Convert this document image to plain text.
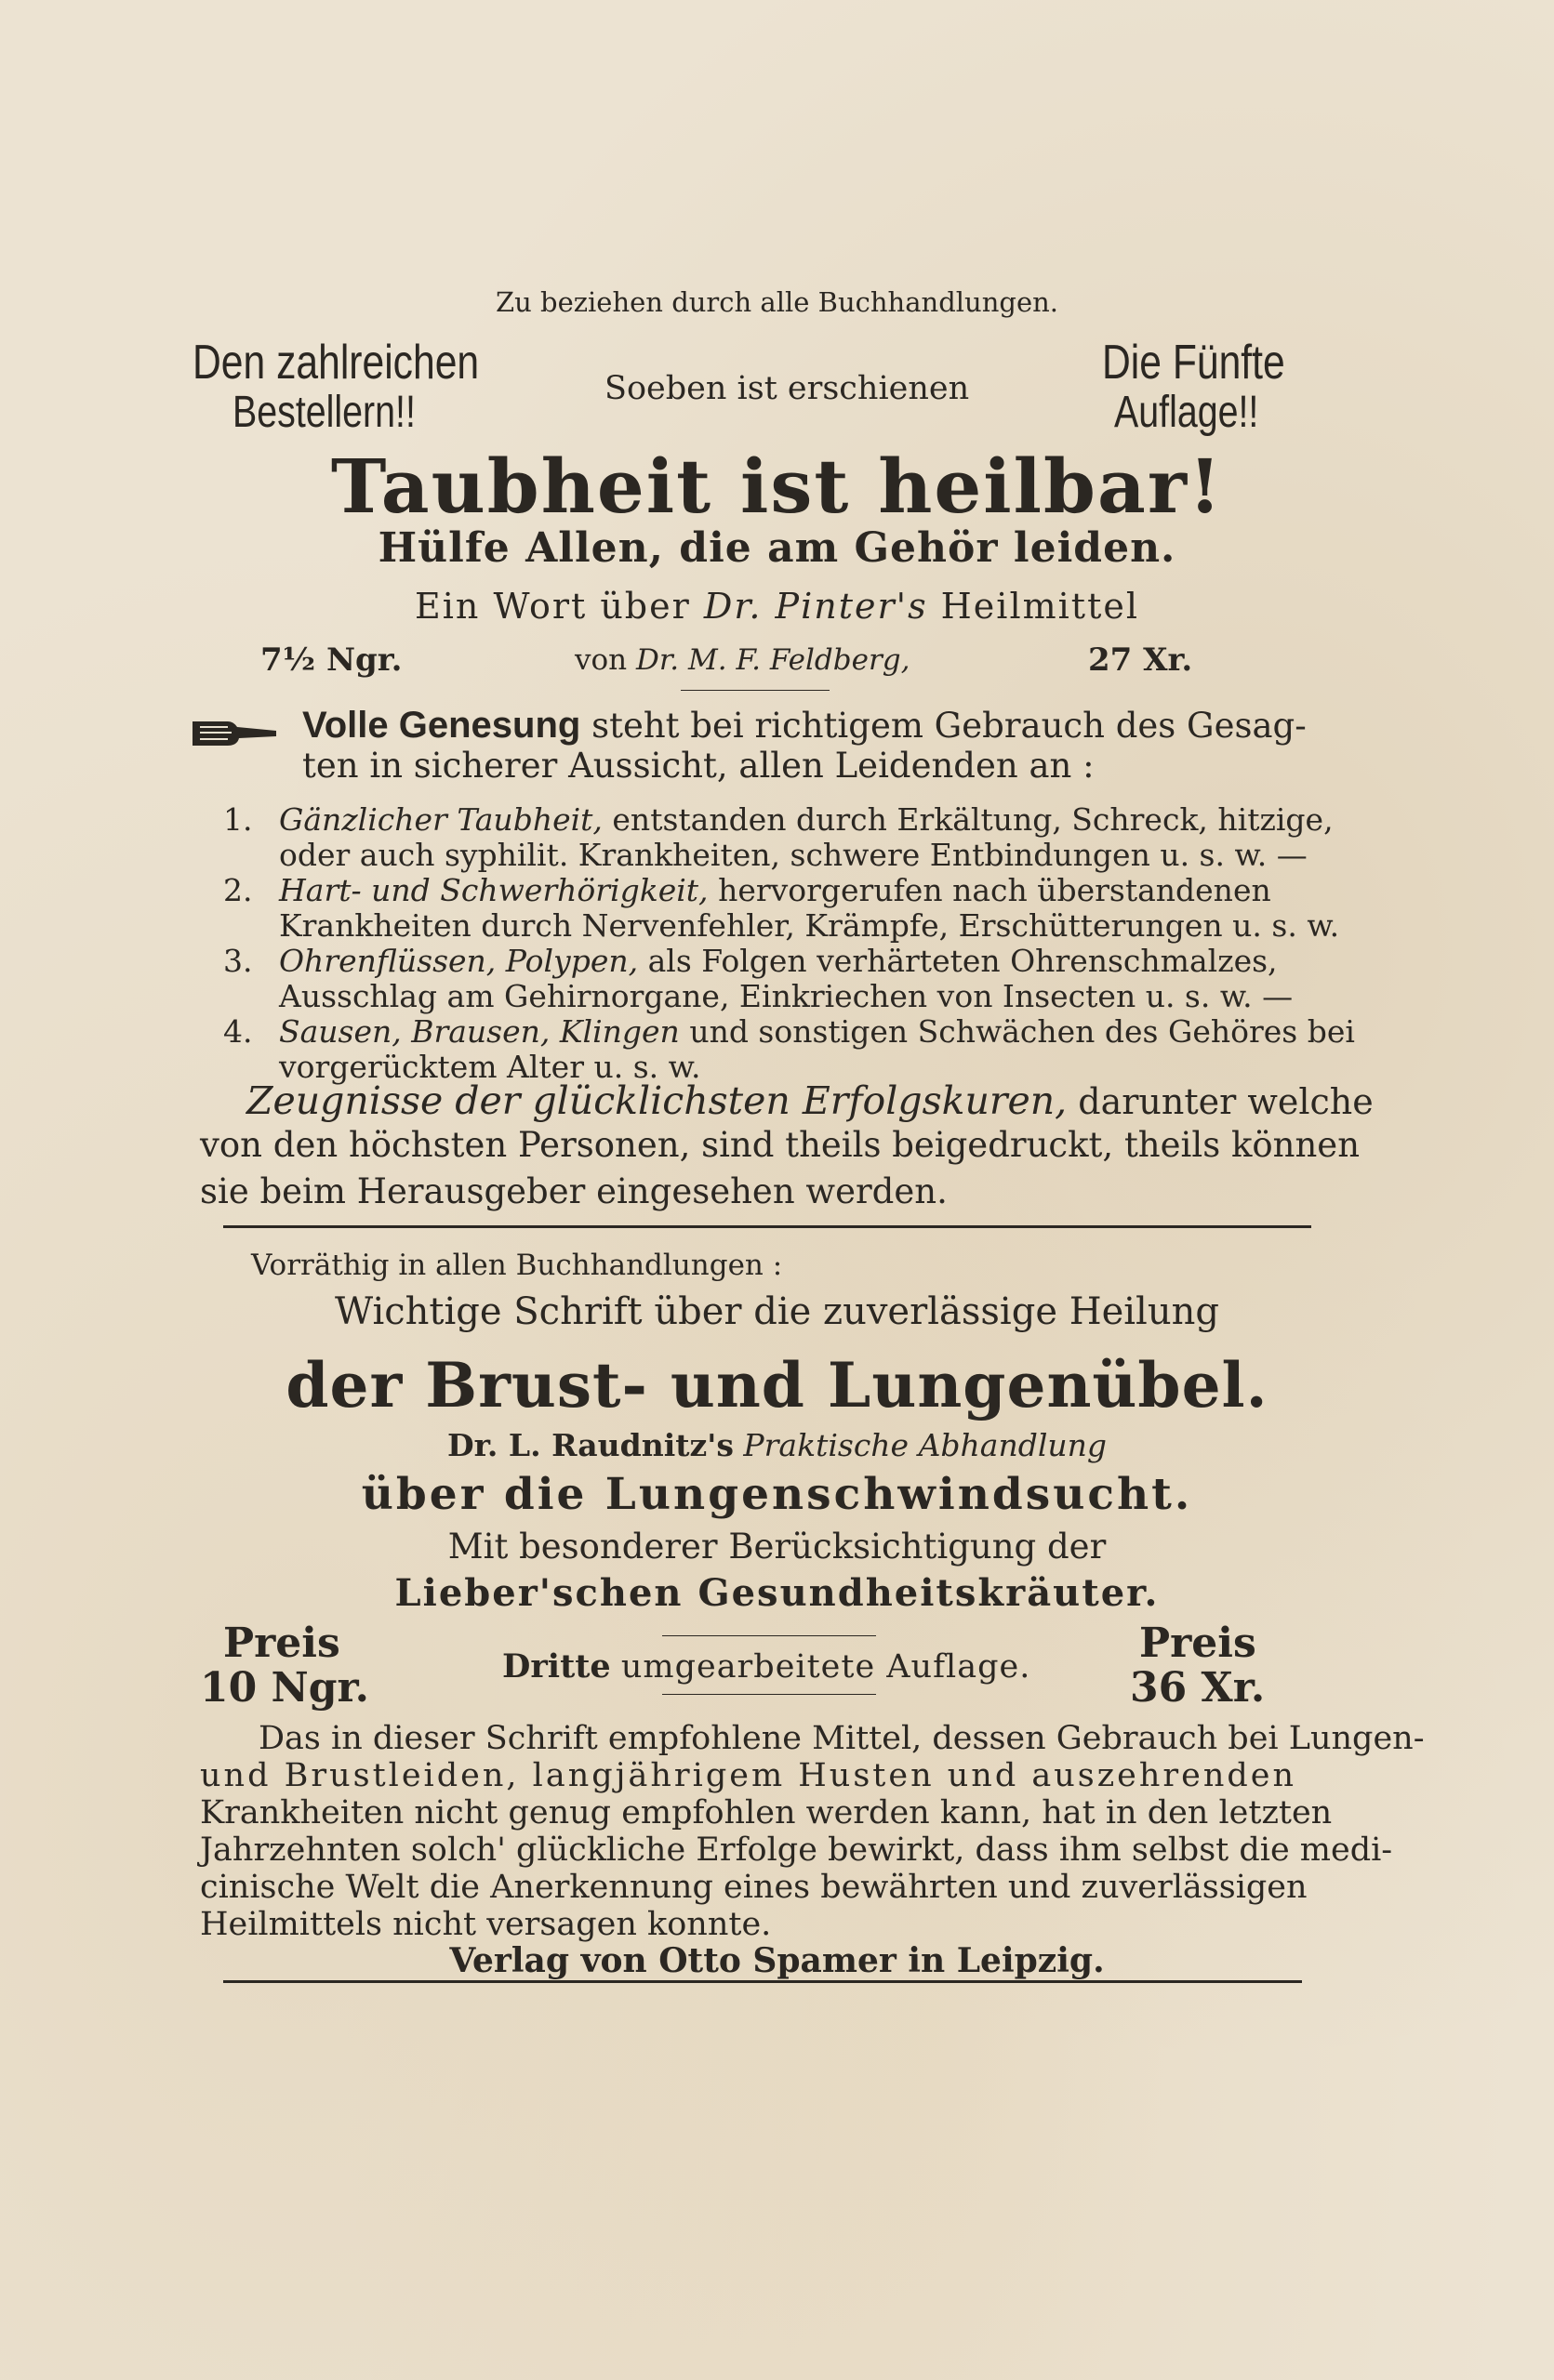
Zu beziehen durch alle Buchhandlungen.
Den zahlreichen
Bestellern!!	Soeben ist erschienen	Die Fünfte
Auflage!!
Taubheit ist heilbar!
Hülfe Allen, die am Gehör leiden.
Ein Wort über Dr. Pinter's Heilmittel
7½ Ngr.	von Dr. M. F. Feldberg,	27 Xr.
Volle Genesung steht bei richtigem Gebrauch des Gesag-
ten in sicherer Aussicht, allen Leidenden an :
1. Gänzlicher Taubheit, entstanden durch Erkältung, Schreck, hitzige,
oder auch syphilit. Krankheiten, schwere Entbindungen u. s. w. —
2. Hart- und Schwerhörigkeit, hervorgerufen nach überstandenen
Krankheiten durch Nervenfehler, Krämpfe, Erschütterungen u. s. w.
3. Ohrenflüssen, Polypen, als Folgen verhärteten Ohrenschmalzes,
Ausschlag am Gehirnorgane, Einkriechen von Insecten u. s. w. —
4. Sausen, Brausen, Klingen und sonstigen Schwächen des Gehöres bei
vorgerücktem Alter u. s. w.
Zeugnisse der glücklichsten Erfolgskuren, darunter welche
von den höchsten Personen, sind theils beigedruckt, theils können
sie beim Herausgeber eingesehen werden.
Vorräthig in allen Buchhandlungen :
Wichtige Schrift über die zuverlässige Heilung
der Brust- und Lungenübel.
Dr. L. Raudnitz's Praktische Abhandlung
über die Lungenschwindsucht.
Mit besonderer Berücksichtigung der
Lieber'schen Gesundheitskräuter.
Preis
10 Ngr.	Dritte umgearbeitete Auflage.	Preis
36 Xr.
Das in dieser Schrift empfohlene Mittel, dessen Gebrauch bei Lungen-
und Brustleiden, langjährigem Husten und auszehrenden
Krankheiten nicht genug empfohlen werden kann, hat in den letzten
Jahrzehnten solch' glückliche Erfolge bewirkt, dass ihm selbst die medi-
cinische Welt die Anerkennung eines bewährten und zuverlässigen
Heilmittels nicht versagen konnte.
Verlag von Otto Spamer in Leipzig.
